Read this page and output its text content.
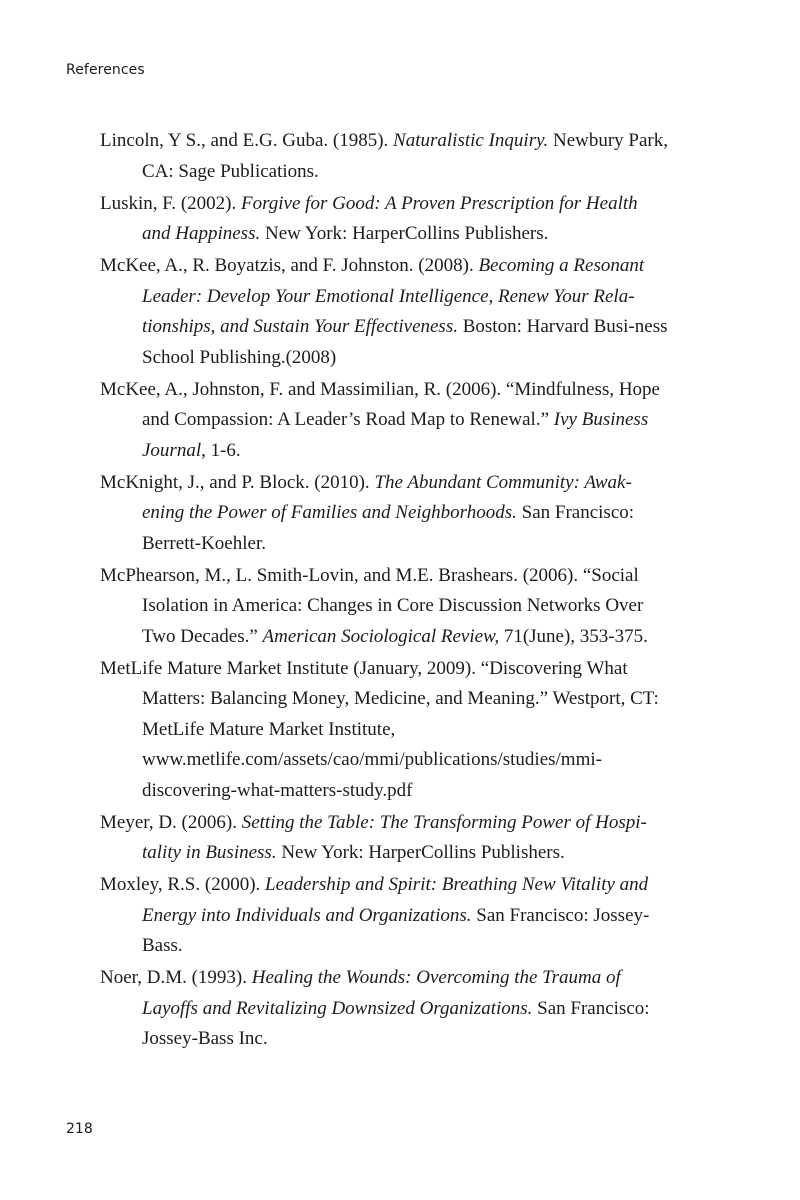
References
Lincoln, Y S., and E.G. Guba. (1985). Naturalistic Inquiry. Newbury Park, CA: Sage Publications.
Luskin, F. (2002). Forgive for Good: A Proven Prescription for Health and Happiness. New York: HarperCollins Publishers.
McKee, A., R. Boyatzis, and F. Johnston. (2008). Becoming a Resonant Leader: Develop Your Emotional Intelligence, Renew Your Rela-tionships, and Sustain Your Effectiveness. Boston: Harvard Busi-ness School Publishing.(2008)
McKee, A., Johnston, F. and Massimilian, R. (2006). “Mindfulness, Hope and Compassion: A Leader’s Road Map to Renewal.” Ivy Business Journal, 1-6.
McKnight, J., and P. Block. (2010). The Abundant Community: Awak-ening the Power of Families and Neighborhoods. San Francisco: Berrett-Koehler.
McPhearson, M., L. Smith-Lovin, and M.E. Brashears. (2006). “Social Isolation in America: Changes in Core Discussion Networks Over Two Decades.” American Sociological Review, 71(June), 353-375.
MetLife Mature Market Institute (January, 2009). “Discovering What Matters: Balancing Money, Medicine, and Meaning.” Westport, CT: MetLife Mature Market Institute, www.metlife.com/assets/cao/mmi/publications/studies/mmi-discovering-what-matters-study.pdf
Meyer, D. (2006). Setting the Table: The Transforming Power of Hospi-tality in Business. New York: HarperCollins Publishers.
Moxley, R.S. (2000). Leadership and Spirit: Breathing New Vitality and Energy into Individuals and Organizations. San Francisco: Jossey-Bass.
Noer, D.M. (1993). Healing the Wounds: Overcoming the Trauma of Layoffs and Revitalizing Downsized Organizations. San Francisco: Jossey-Bass Inc.
218
